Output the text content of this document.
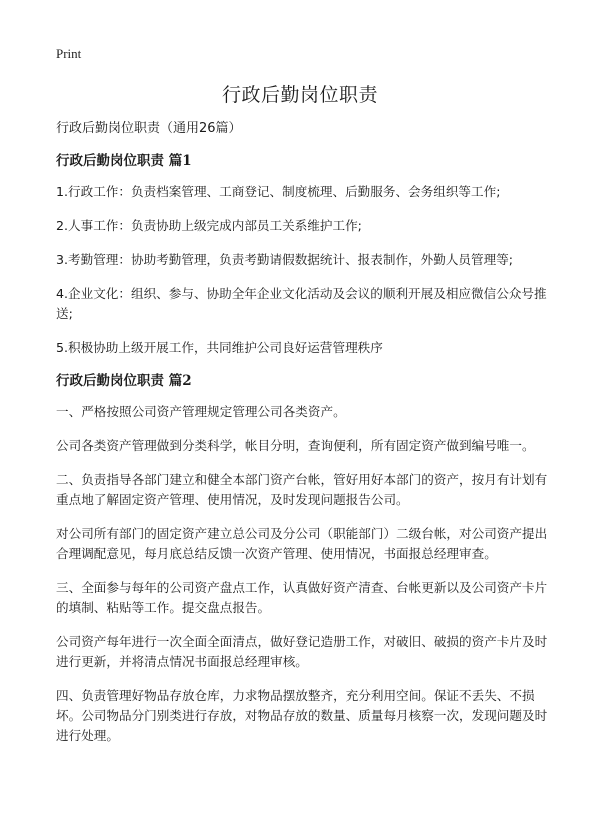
Print
行政后勤岗位职责

行政后勤岗位职责（通用26篇）

行政后勤岗位职责 篇1

1.行政工作：负责档案管理、工商登记、制度梳理、后勤服务、会务组织等工作;

2.人事工作：负责协助上级完成内部员工关系维护工作;

3.考勤管理：协助考勤管理，负责考勤请假数据统计、报表制作，外勤人员管理等;

4.企业文化：组织、参与、协助全年企业文化活动及会议的顺利开展及相应微信公众号推送;

5.积极协助上级开展工作，共同维护公司良好运营管理秩序

行政后勤岗位职责 篇2

一、严格按照公司资产管理规定管理公司各类资产。

公司各类资产管理做到分类科学，帐目分明，查询便利，所有固定资产做到编号唯一。

二、负责指导各部门建立和健全本部门资产台帐，管好用好本部门的资产，按月有计划有重点地了解固定资产管理、使用情况，及时发现问题报告公司。

对公司所有部门的固定资产建立总公司及分公司（职能部门）二级台帐，对公司资产提出合理调配意见，每月底总结反馈一次资产管理、使用情况，书面报总经理审查。

三、全面参与每年的公司资产盘点工作，认真做好资产清查、台帐更新以及公司资产卡片的填制、粘贴等工作。提交盘点报告。

公司资产每年进行一次全面全面清点，做好登记造册工作，对破旧、破损的资产卡片及时进行更新，并将清点情况书面报总经理审核。

四、负责管理好物品存放仓库，力求物品摆放整齐，充分利用空间。保证不丢失、不损坏。公司物品分门别类进行存放，对物品存放的数量、质量每月核察一次，发现问题及时进行处理。
